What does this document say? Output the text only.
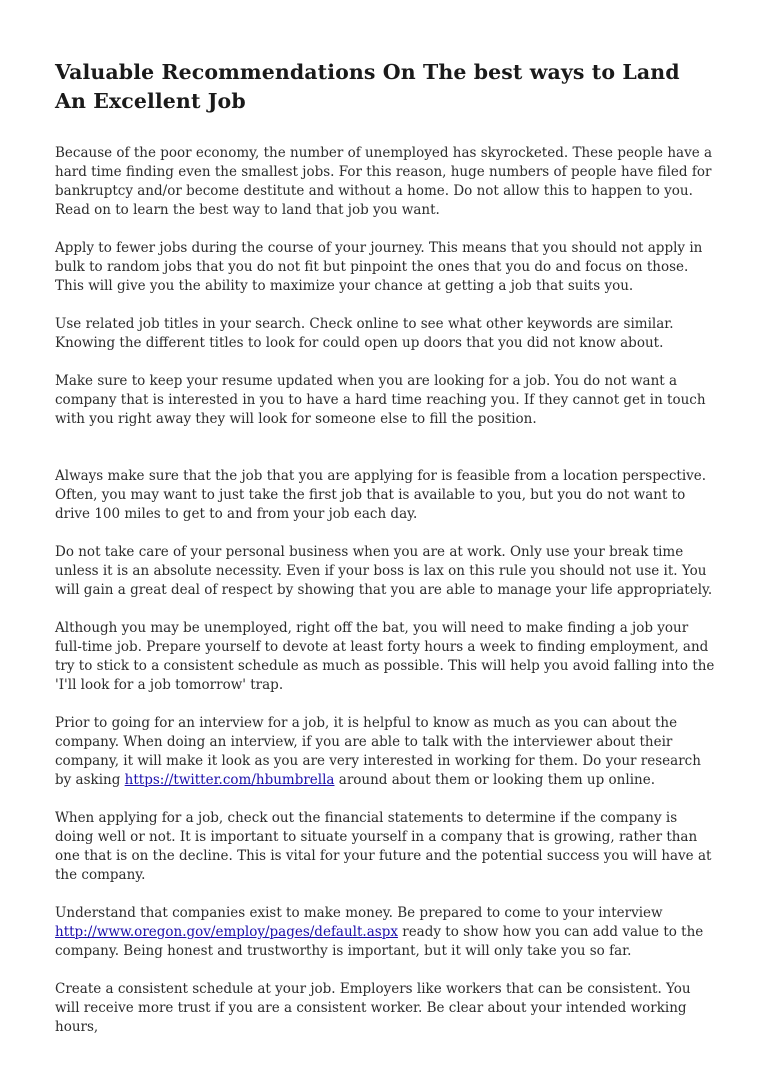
Valuable Recommendations On The best ways to Land An Excellent Job

Because of the poor economy, the number of unemployed has skyrocketed. These people have a hard time finding even the smallest jobs. For this reason, huge numbers of people have filed for bankruptcy and/or become destitute and without a home. Do not allow this to happen to you. Read on to learn the best way to land that job you want.

Apply to fewer jobs during the course of your journey. This means that you should not apply in bulk to random jobs that you do not fit but pinpoint the ones that you do and focus on those. This will give you the ability to maximize your chance at getting a job that suits you.

Use related job titles in your search. Check online to see what other keywords are similar. Knowing the different titles to look for could open up doors that you did not know about.

Make sure to keep your resume updated when you are looking for a job. You do not want a company that is interested in you to have a hard time reaching you. If they cannot get in touch with you right away they will look for someone else to fill the position.

Always make sure that the job that you are applying for is feasible from a location perspective. Often, you may want to just take the first job that is available to you, but you do not want to drive 100 miles to get to and from your job each day.

Do not take care of your personal business when you are at work. Only use your break time unless it is an absolute necessity. Even if your boss is lax on this rule you should not use it. You will gain a great deal of respect by showing that you are able to manage your life appropriately.

Although you may be unemployed, right off the bat, you will need to make finding a job your full-time job. Prepare yourself to devote at least forty hours a week to finding employment, and try to stick to a consistent schedule as much as possible. This will help you avoid falling into the 'I'll look for a job tomorrow' trap.

Prior to going for an interview for a job, it is helpful to know as much as you can about the company. When doing an interview, if you are able to talk with the interviewer about their company, it will make it look as you are very interested in working for them. Do your research by asking https://twitter.com/hbumbrella around about them or looking them up online.

When applying for a job, check out the financial statements to determine if the company is doing well or not. It is important to situate yourself in a company that is growing, rather than one that is on the decline. This is vital for your future and the potential success you will have at the company.

Understand that companies exist to make money. Be prepared to come to your interview http://www.oregon.gov/employ/pages/default.aspx ready to show how you can add value to the company. Being honest and trustworthy is important, but it will only take you so far.

Create a consistent schedule at your job. Employers like workers that can be consistent. You will receive more trust if you are a consistent worker. Be clear about your intended working hours,
